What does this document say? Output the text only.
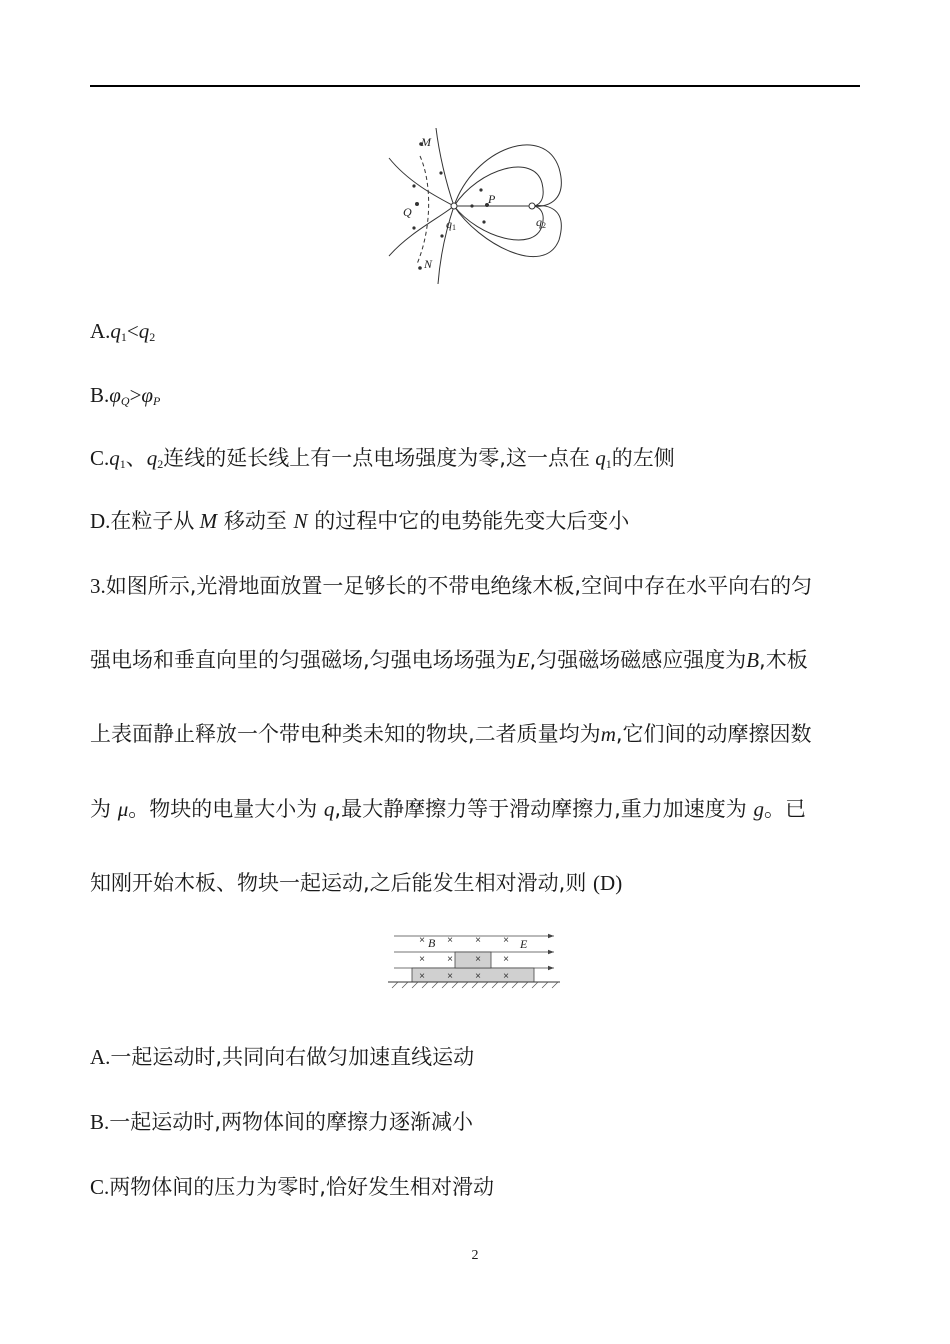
M
N
Q
P
q1	q2
$A.q_1<q_2$
$B.\varphi_Q>\varphi_P$
$C.q_1$、$q_2$连线的延长线上有一点电场强度为零,这一点在 $q_1$的左侧
D.在粒子从 M 移动至 N 的过程中它的电势能先变大后变小
3.如图所示,光滑地面放置一足够长的不带电绝缘木板,空间中存在水平向右的匀
强电场和垂直向里的匀强磁场,匀强电场场强为E,匀强磁场磁感应强度为B,木板
上表面静止释放一个带电种类未知的物块,二者质量均为m,它们间的动摩擦因数
为 μ。物块的电量大小为 q,最大静摩擦力等于滑动摩擦力,重力加速度为 g。已
知刚开始木板、物块一起运动,之后能发生相对滑动,则 (D)
× × × ×
× × × ×
× × × ×
B	E
A.一起运动时,共同向右做匀加速直线运动
B.一起运动时,两物体间的摩擦力逐渐减小
C.两物体间的压力为零时,恰好发生相对滑动
2
